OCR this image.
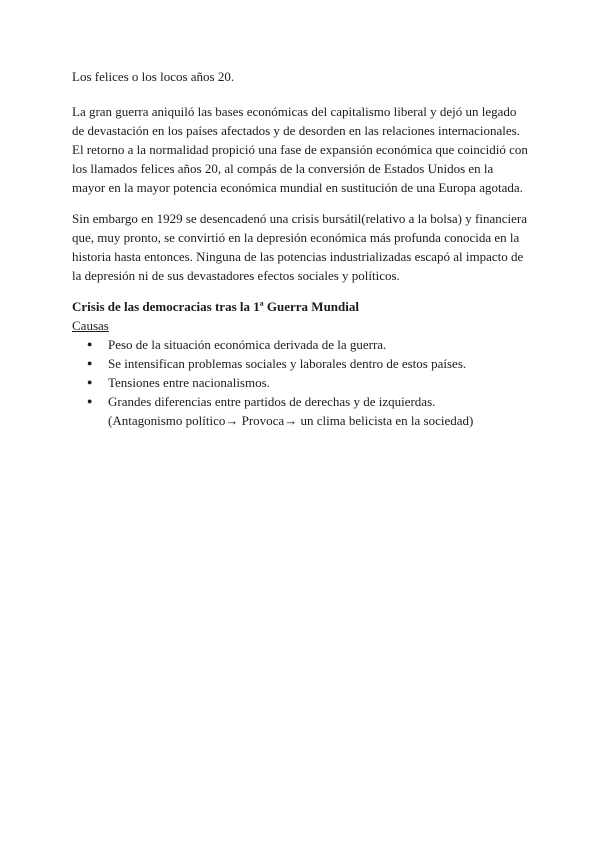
Los felices o los locos años 20.

La gran guerra aniquiló las bases económicas del capitalismo liberal y dejó un legado de devastación en los países afectados y de desorden en las relaciones internacionales. El retorno a la normalidad propició una fase de expansión económica que coincidió con los llamados felices años 20, al compás de la conversión de Estados Unidos en la mayor en la mayor potencia económica mundial en sustitución de una Europa agotada.

Sin embargo en 1929 se desencadenó una crisis bursátil(relativo a la bolsa) y financiera que, muy pronto, se convirtió en la depresión económica más profunda conocida en la historia hasta entonces. Ninguna de las potencias industrializadas escapó al impacto de la depresión ni de sus devastadores efectos sociales y políticos.

Crisis de las democracias tras la 1ª Guerra Mundial

Causas

● Peso de la situación económica derivada de la guerra.
● Se intensifican problemas sociales y laborales dentro de estos países.
● Tensiones entre nacionalismos.
● Grandes diferencias entre partidos de derechas y de izquierdas.
(Antagonismo político→ Provoca→ un clima belicista en la sociedad)
